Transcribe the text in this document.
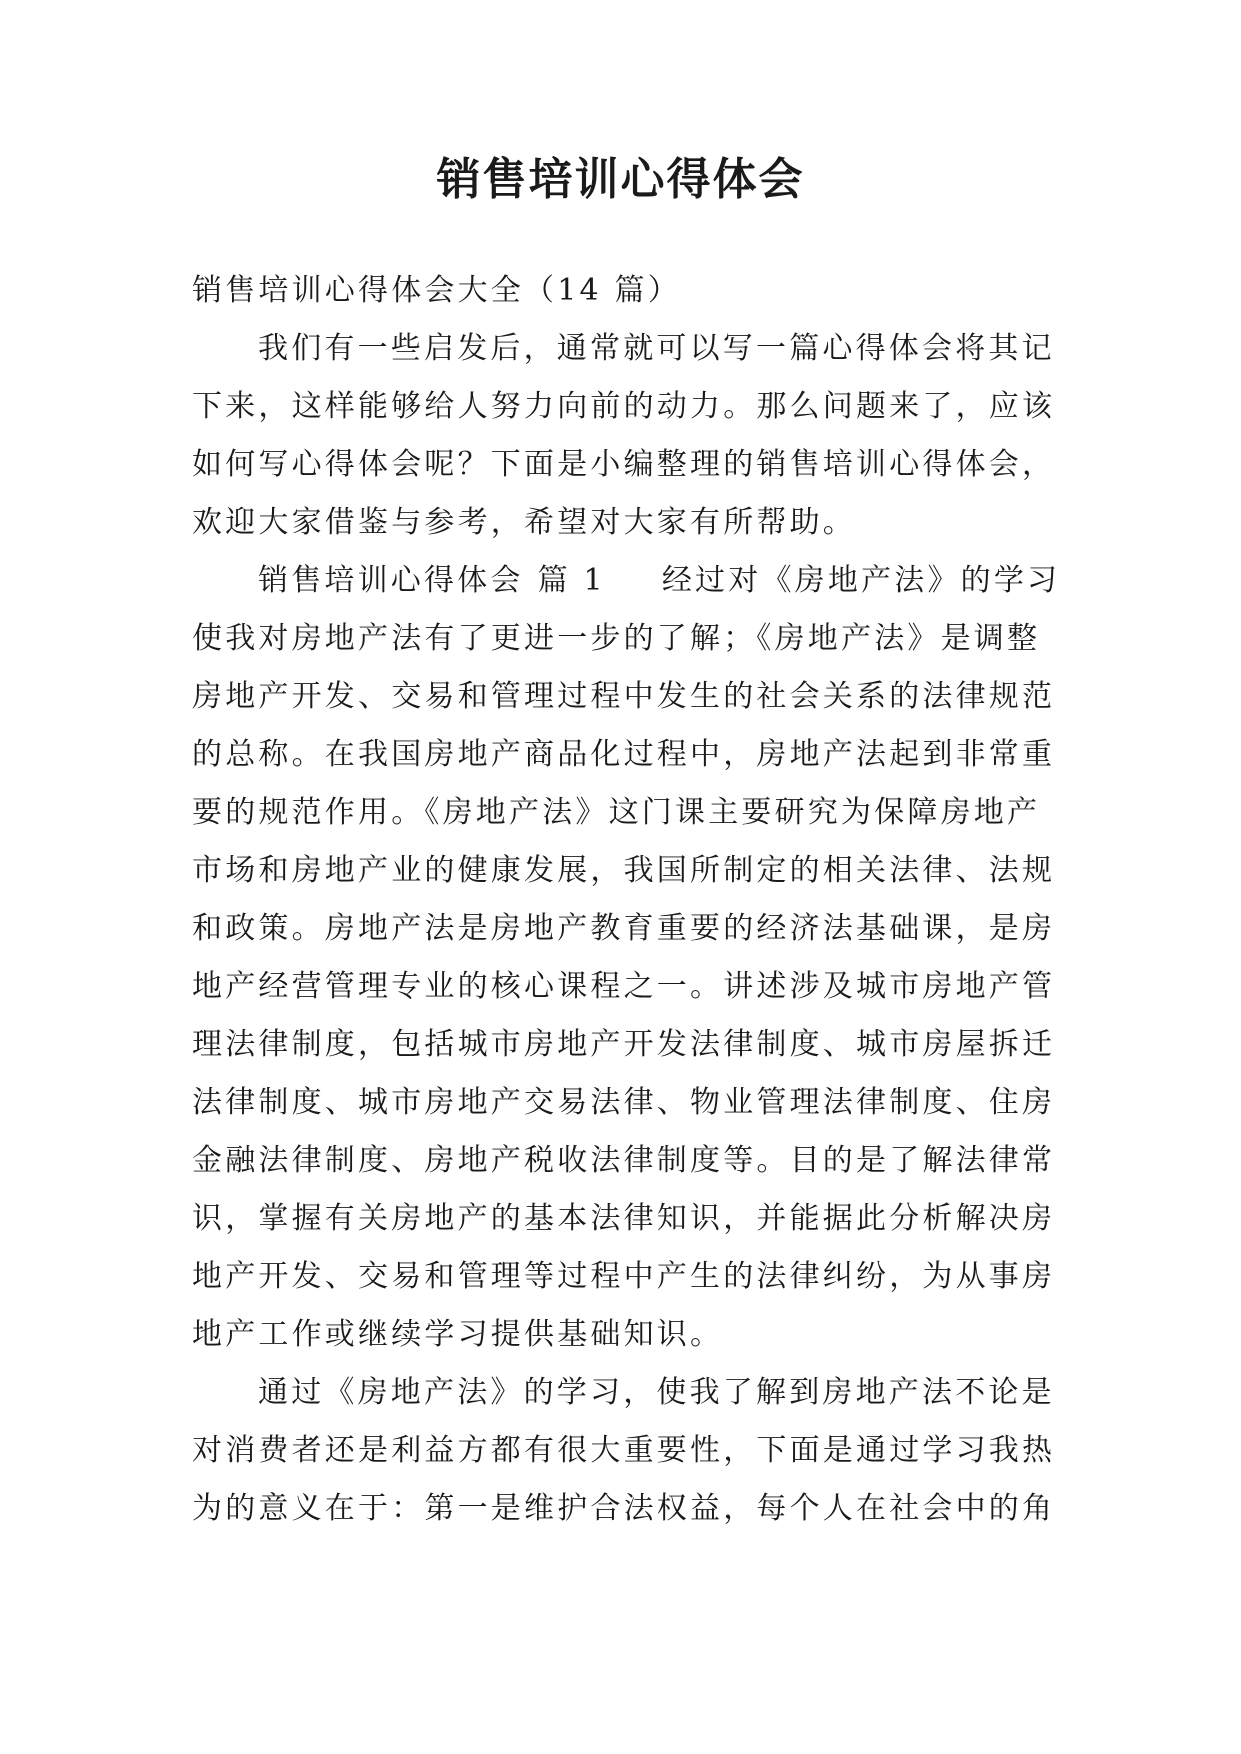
销售培训心得体会
销售培训心得体会大全（14 篇）
我们有一些启发后，通常就可以写一篇心得体会将其记
下来，这样能够给人努力向前的动力。那么问题来了，应该
如何写心得体会呢？下面是小编整理的销售培训心得体会，
欢迎大家借鉴与参考，希望对大家有所帮助。
销售培训心得体会 篇 1 经过对《房地产法》的学习
使我对房地产法有了更进一步的了解；《房地产法》是调整
房地产开发、交易和管理过程中发生的社会关系的法律规范
的总称。在我国房地产商品化过程中，房地产法起到非常重
要的规范作用。《房地产法》这门课主要研究为保障房地产
市场和房地产业的健康发展，我国所制定的相关法律、法规
和政策。房地产法是房地产教育重要的经济法基础课，是房
地产经营管理专业的核心课程之一。讲述涉及城市房地产管
理法律制度，包括城市房地产开发法律制度、城市房屋拆迁
法律制度、城市房地产交易法律、物业管理法律制度、住房
金融法律制度、房地产税收法律制度等。目的是了解法律常
识，掌握有关房地产的基本法律知识，并能据此分析解决房
地产开发、交易和管理等过程中产生的法律纠纷，为从事房
地产工作或继续学习提供基础知识。
通过《房地产法》的学习，使我了解到房地产法不论是
对消费者还是利益方都有很大重要性，下面是通过学习我热
为的意义在于：第一是维护合法权益，每个人在社会中的角
